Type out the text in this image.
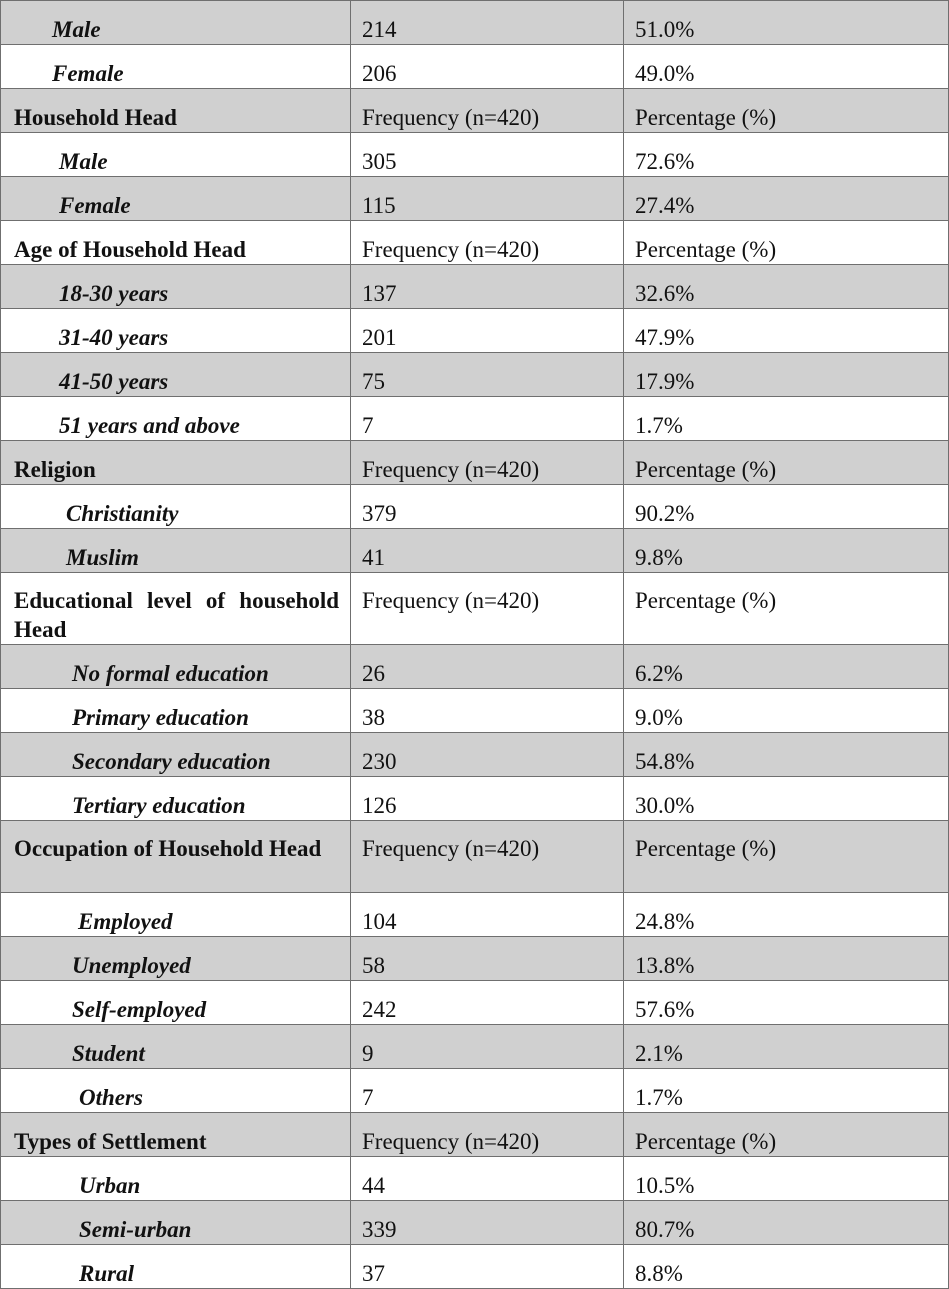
Male	214	51.0%
Female	206	49.0%
Household Head	Frequency (n=420)	Percentage (%)
Male	305	72.6%
Female	115	27.4%
Age of Household Head	Frequency (n=420)	Percentage (%)
18-30 years	137	32.6%
31-40 years	201	47.9%
41-50 years	75	17.9%
51 years and above	7	1.7%
Religion	Frequency (n=420)	Percentage (%)
Christianity	379	90.2%
Muslim	41	9.8%
Educational level of household Head	Frequency (n=420)	Percentage (%)
No formal education	26	6.2%
Primary education	38	9.0%
Secondary education	230	54.8%
Tertiary education	126	30.0%
Occupation of Household Head	Frequency (n=420)	Percentage (%)
Employed	104	24.8%
Unemployed	58	13.8%
Self-employed	242	57.6%
Student	9	2.1%
Others	7	1.7%
Types of Settlement	Frequency (n=420)	Percentage (%)
Urban	44	10.5%
Semi-urban	339	80.7%
Rural	37	8.8%
